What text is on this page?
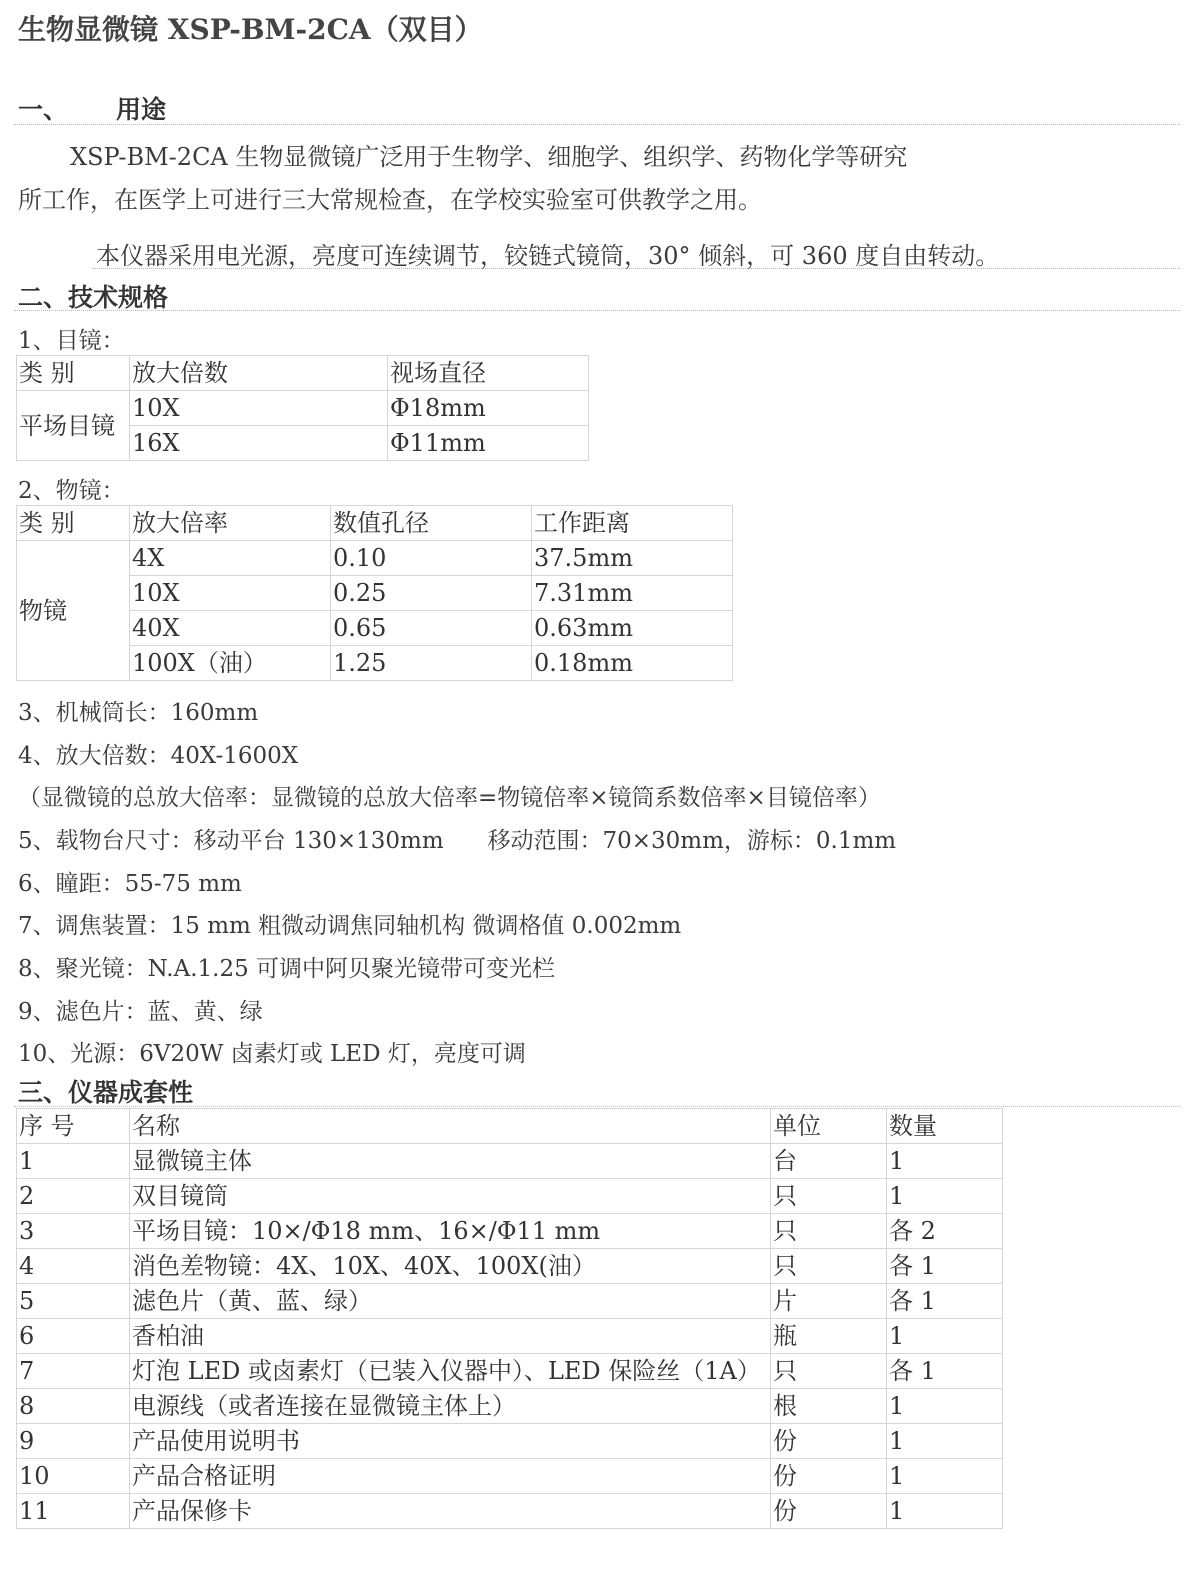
生物显微镜 XSP-BM-2CA（双目）
一、 用途
XSP-BM-2CA 生物显微镜广泛用于生物学、细胞学、组织学、药物化学等研究
所工作，在医学上可进行三大常规检查，在学校实验室可供教学之用。
本仪器采用电光源，亮度可连续调节，铰链式镜筒，30° 倾斜，可 360 度自由转动。
二、技术规格
1、目镜：
类 别	放大倍数	视场直径
平场目镜	10X	Φ18mm
	16X	Φ11mm
2、物镜：
类 别	放大倍率	数值孔径	工作距离
物镜	4X	0.10	37.5mm
	10X	0.25	7.31mm
	40X	0.65	0.63mm
	100X（油）	1.25	0.18mm
3、机械筒长：160mm
4、放大倍数：40X-1600X
（显微镜的总放大倍率：显微镜的总放大倍率=物镜倍率×镜筒系数倍率×目镜倍率）
5、载物台尺寸：移动平台 130×130mm      移动范围：70×30mm，游标：0.1mm
6、瞳距：55-75 mm
7、调焦装置：15 mm 粗微动调焦同轴机构 微调格值 0.002mm
8、聚光镜：N.A.1.25 可调中阿贝聚光镜带可变光栏
9、滤色片：蓝、黄、绿
10、光源：6V20W 卤素灯或 LED 灯，亮度可调
三、仪器成套性
序 号	名称	单位	数量
1	显微镜主体	台	1
2	双目镜筒	只	1
3	平场目镜：10×/Φ18 mm、16×/Φ11 mm	只	各 2
4	消色差物镜：4X、10X、40X、100X(油）	只	各 1
5	滤色片（黄、蓝、绿）	片	各 1
6	香柏油	瓶	1
7	灯泡 LED 或卤素灯（已装入仪器中）、LED 保险丝（1A）	只	各 1
8	电源线（或者连接在显微镜主体上）	根	1
9	产品使用说明书	份	1
10	产品合格证明	份	1
11	产品保修卡	份	1
